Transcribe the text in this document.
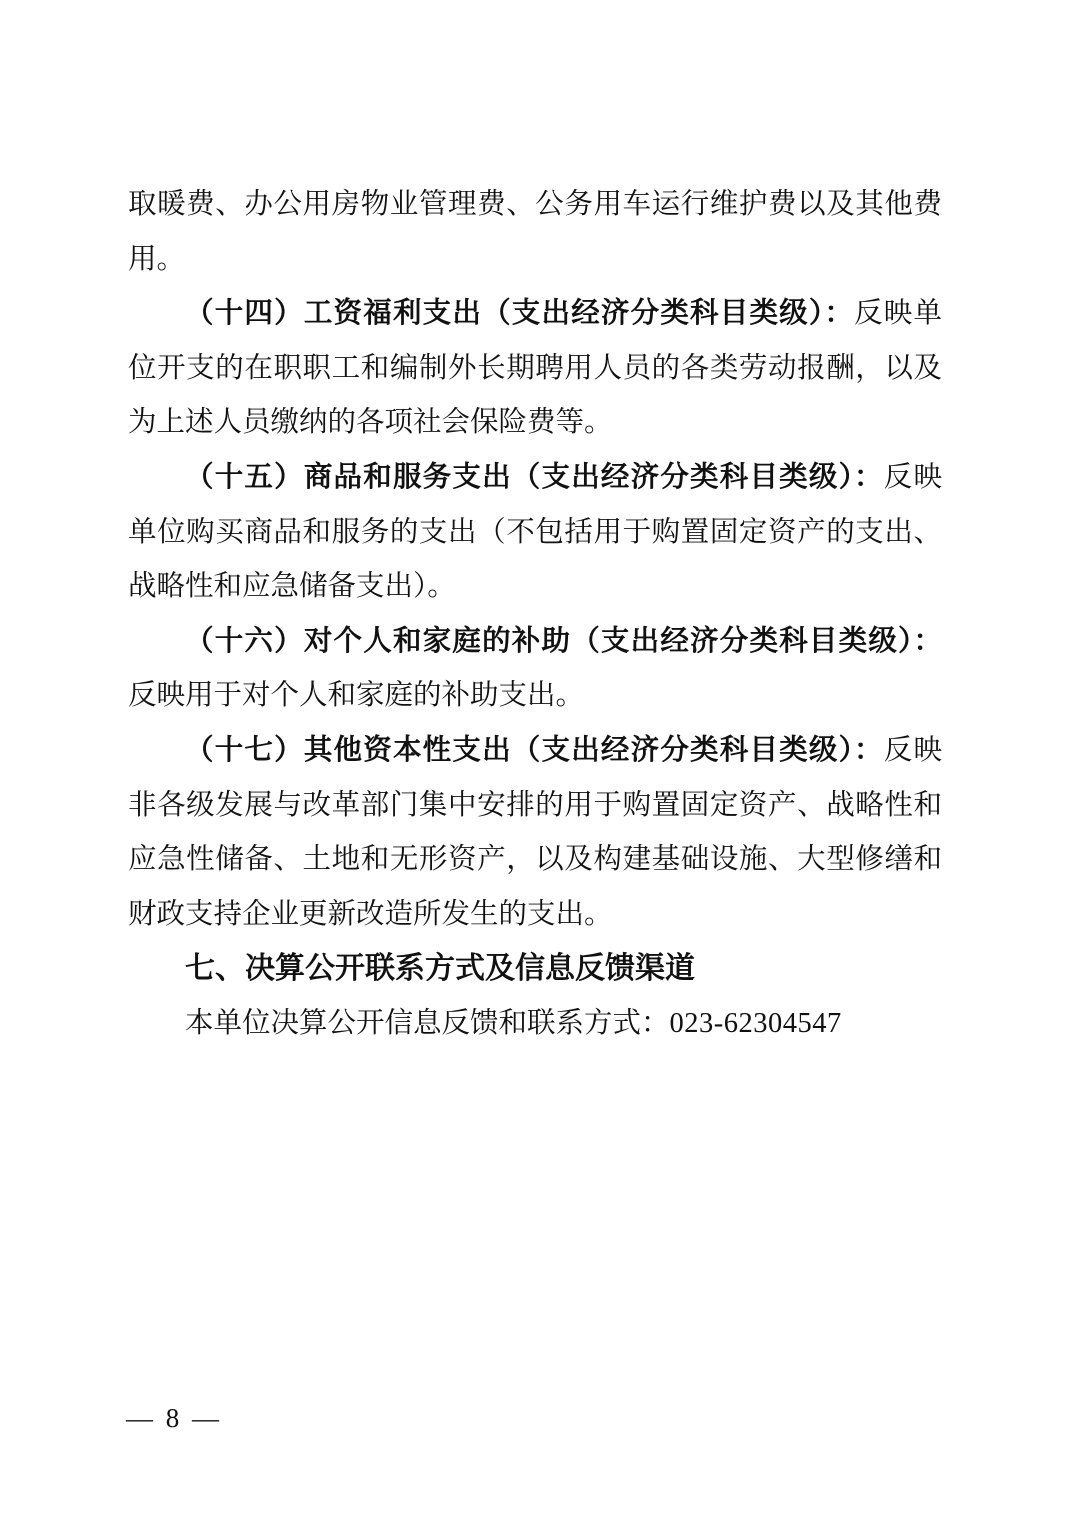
取暖费、办公用房物业管理费、公务用车运行维护费以及其他费
用。
（十四）工资福利支出（支出经济分类科目类级）：反映单
位开支的在职职工和编制外长期聘用人员的各类劳动报酬，以及
为上述人员缴纳的各项社会保险费等。
（十五）商品和服务支出（支出经济分类科目类级）：反映
单位购买商品和服务的支出（不包括用于购置固定资产的支出、
战略性和应急储备支出）。
（十六）对个人和家庭的补助（支出经济分类科目类级）：
反映用于对个人和家庭的补助支出。
（十七）其他资本性支出（支出经济分类科目类级）：反映
非各级发展与改革部门集中安排的用于购置固定资产、战略性和
应急性储备、土地和无形资产，以及构建基础设施、大型修缮和
财政支持企业更新改造所发生的支出。
七、决算公开联系方式及信息反馈渠道
本单位决算公开信息反馈和联系方式：023-62304547
— 8 —
